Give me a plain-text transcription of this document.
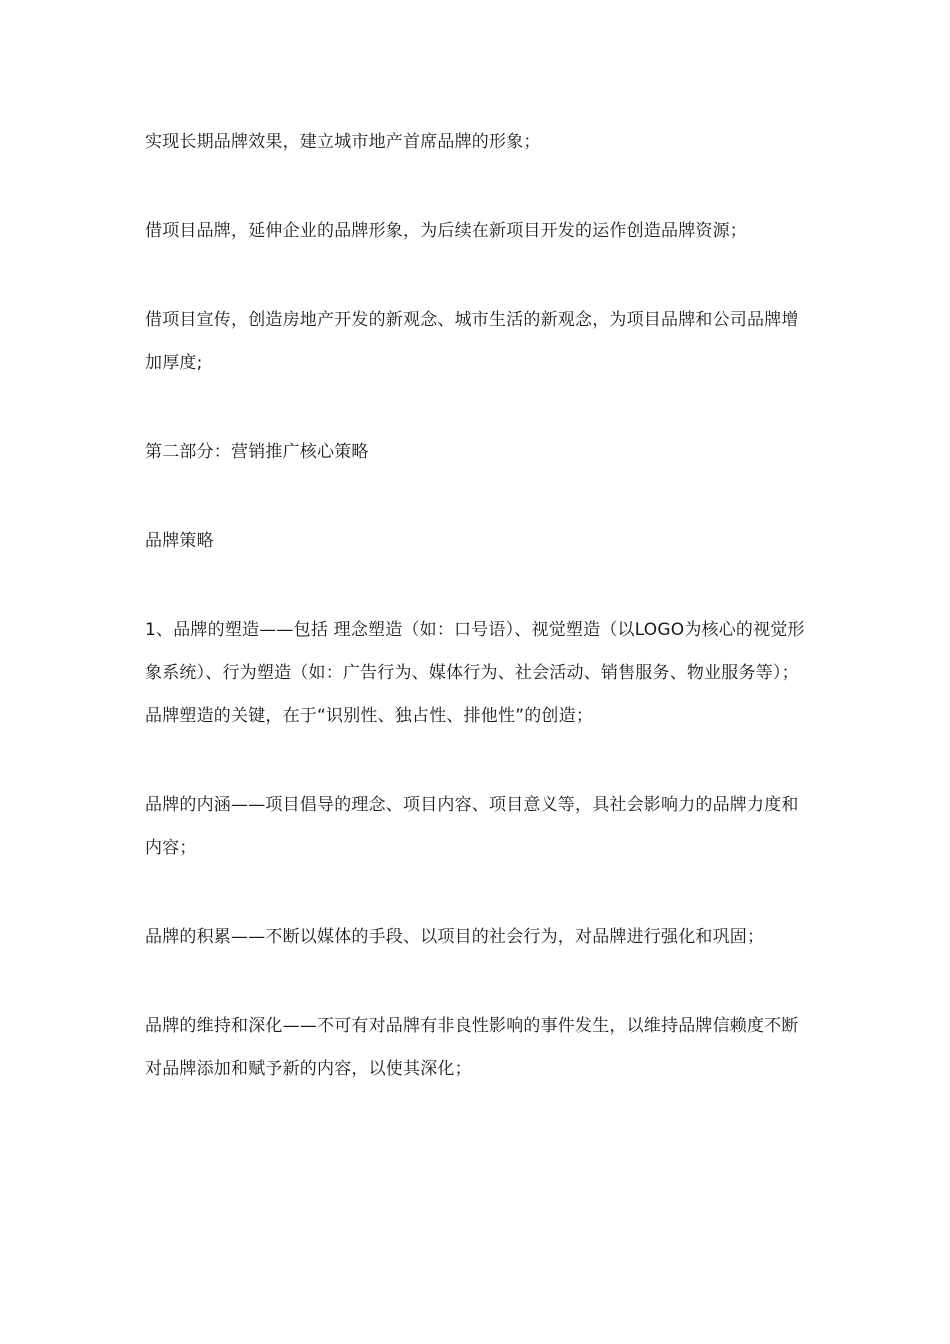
实现长期品牌效果，建立城市地产首席品牌的形象；

借项目品牌，延伸企业的品牌形象，为后续在新项目开发的运作创造品牌资源；

借项目宣传，创造房地产开发的新观念、城市生活的新观念，为项目品牌和公司品牌增加厚度;

第二部分：营销推广核心策略

品牌策略

1、品牌的塑造——包括 理念塑造（如：口号语）、视觉塑造（以LOGO为核心的视觉形象系统）、行为塑造（如：广告行为、媒体行为、社会活动、销售服务、物业服务等）；品牌塑造的关键，在于“识别性、独占性、排他性”的创造；

品牌的内涵——项目倡导的理念、项目内容、项目意义等，具社会影响力的品牌力度和内容；

品牌的积累——不断以媒体的手段、以项目的社会行为，对品牌进行强化和巩固；

品牌的维持和深化——不可有对品牌有非良性影响的事件发生，以维持品牌信赖度不断对品牌添加和赋予新的内容，以使其深化；
